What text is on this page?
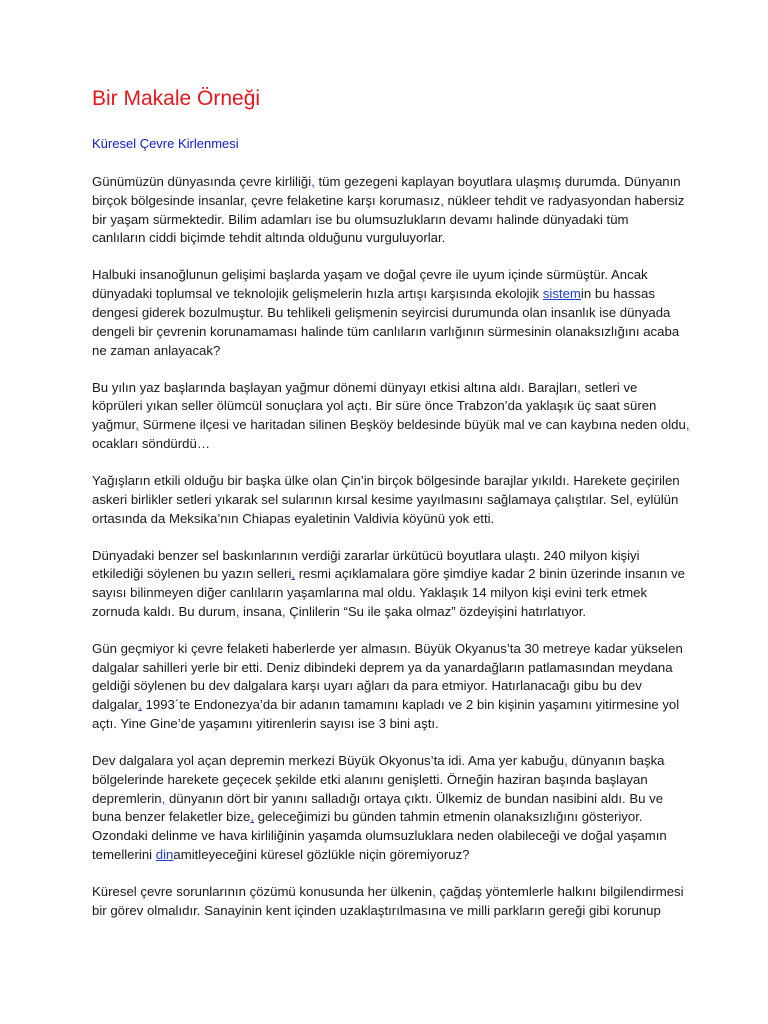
Bir Makale Örneği
Küresel Çevre Kirlenmesi
Günümüzün dünyasında çevre kirliliği, tüm gezegeni kaplayan boyutlara ulaşmış durumda. Dünyanın
birçok bölgesinde insanlar, çevre felaketine karşı korumasız, nükleer tehdit ve radyasyondan habersiz
bir yaşam sürmektedir. Bilim adamları ise bu olumsuzlukların devamı halinde dünyadaki tüm
canlıların ciddi biçimde tehdit altında olduğunu vurguluyorlar.
Halbuki insanoğlunun gelişimi başlarda yaşam ve doğal çevre ile uyum içinde sürmüştür. Ancak
dünyadaki toplumsal ve teknolojik gelişmelerin hızla artışı karşısında ekolojik sistemin bu hassas
dengesi giderek bozulmuştur. Bu tehlikeli gelişmenin seyircisi durumunda olan insanlık ise dünyada
dengeli bir çevrenin korunamaması halinde tüm canlıların varlığının sürmesinin olanaksızlığını acaba
ne zaman anlayacak?
Bu yılın yaz başlarında başlayan yağmur dönemi dünyayı etkisi altına aldı. Barajları, setleri ve
köprüleri yıkan seller ölümcül sonuçlara yol açtı. Bir süre önce Trabzon’da yaklaşık üç saat süren
yağmur, Sürmene ilçesi ve haritadan silinen Beşköy beldesinde büyük mal ve can kaybına neden oldu,
ocakları söndürdü…
Yağışların etkili olduğu bir başka ülke olan Çin’in birçok bölgesinde barajlar yıkıldı. Harekete geçirilen
askeri birlikler setleri yıkarak sel sularının kırsal kesime yayılmasını sağlamaya çalıştılar. Sel, eylülün
ortasında da Meksika’nın Chiapas eyaletinin Valdivia köyünü yok etti.
Dünyadaki benzer sel baskınlarının verdiği zararlar ürkütücü boyutlara ulaştı. 240 milyon kişiyi
etkilediği söylenen bu yazın selleri, resmi açıklamalara göre şimdiye kadar 2 binin üzerinde insanın ve
sayısı bilinmeyen diğer canlıların yaşamlarına mal oldu. Yaklaşık 14 milyon kişi evini terk etmek
zornuda kaldı. Bu durum, insana, Çinlilerin “Su ile şaka olmaz” özdeyişini hatırlatıyor.
Gün geçmiyor ki çevre felaketi haberlerde yer almasın. Büyük Okyanus’ta 30 metreye kadar yükselen
dalgalar sahilleri yerle bir etti. Deniz dibindeki deprem ya da yanardağların patlamasından meydana
geldiği söylenen bu dev dalgalara karşı uyarı ağları da para etmiyor. Hatırlanacağı gibu bu dev
dalgalar, 1993´te Endonezya’da bir adanın tamamını kapladı ve 2 bin kişinin yaşamını yitirmesine yol
açtı. Yine Gine’de yaşamını yitirenlerin sayısı ise 3 bini aştı.
Dev dalgalara yol açan depremin merkezi Büyük Okyonus’ta idi. Ama yer kabuğu, dünyanın başka
bölgelerinde harekete geçecek şekilde etki alanını genişletti. Örneğin haziran başında başlayan
depremlerin, dünyanın dört bir yanını salladığı ortaya çıktı. Ülkemiz de bundan nasibini aldı. Bu ve
buna benzer felaketler bize, geleceğimizi bu günden tahmin etmenin olanaksızlığını gösteriyor.
Ozondaki delinme ve hava kirliliğinin yaşamda olumsuzluklara neden olabileceği ve doğal yaşamın
temellerini dinamitleyeceğini küresel gözlükle niçin göremiyoruz?
Küresel çevre sorunlarının çözümü konusunda her ülkenin, çağdaş yöntemlerle halkını bilgilendirmesi
bir görev olmalıdır. Sanayinin kent içinden uzaklaştırılmasına ve milli parkların gereği gibi korunup
